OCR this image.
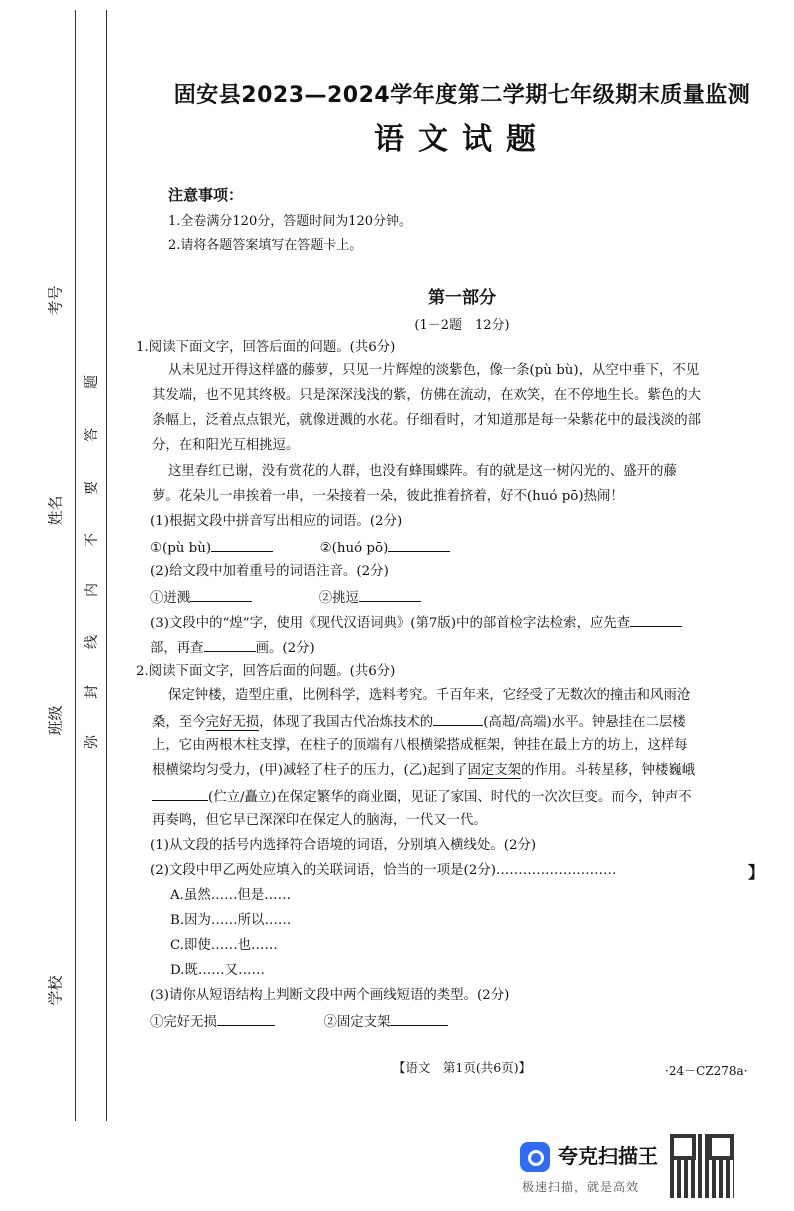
考号
姓名
班级
学校
题
答
要
不
内
线
封
弥
固安县2023—2024学年度第二学期七年级期末质量监测
语文试题
注意事项：
1.全卷满分120分，答题时间为120分钟。
2.请将各题答案填写在答题卡上。
第一部分
(1－2题　12分)
1.阅读下面文字，回答后面的问题。(共6分)
从未见过开得这样盛的藤萝，只见一片辉煌的淡紫色，像一条(pù bù)，从空中垂下，不见
其发端，也不见其终极。只是深深浅浅的紫，仿佛在流动，在欢笑，在不停地生长。紫色的大
条幅上，泛着点点银光，就像迸溅的水花。仔细看时，才知道那是每一朵紫花中的最浅淡的部
分，在和阳光互相挑逗。
这里春红已谢，没有赏花的人群，也没有蜂围蝶阵。有的就是这一树闪光的、盛开的藤
萝。花朵儿一串挨着一串，一朵接着一朵，彼此推着挤着，好不(huó pō)热闹！
(1)根据文段中拼音写出相应的词语。(2分)
①(pù bù)	②(huó pō)
(2)给文段中加着重号的词语注音。(2分)
①迸溅	②挑逗
(3)文段中的“煌”字，使用《现代汉语词典》(第7版)中的部首检字法检索，应先查
部，再查	画。(2分)
2.阅读下面文字，回答后面的问题。(共6分)
保定钟楼，造型庄重，比例科学，选料考究。千百年来，它经受了无数次的撞击和风雨沧
桑，至今完好无损，体现了我国古代冶炼技术的	(高超/高端)水平。钟悬挂在二层楼
上，它由两根木柱支撑，在柱子的顶端有八根横梁搭成框架，钟挂在最上方的坊上，这样每
根横梁均匀受力，(甲)减轻了柱子的压力，(乙)起到了固定支架的作用。斗转星移，钟楼巍峨
(伫立/矗立)在保定繁华的商业圈，见证了家国、时代的一次次巨变。而今，钟声不
再奏鸣，但它早已深深印在保定人的脑海，一代又一代。
(1)从文段的括号内选择符合语境的词语，分别填入横线处。(2分)
(2)文段中甲乙两处应填入的关联词语，恰当的一项是(2分)………………………	】
A.虽然……但是……
B.因为……所以……
C.即使……也……
D.既……又……
(3)请你从短语结构上判断文段中两个画线短语的类型。(2分)
①完好无损	②固定支架
【语文　第1页(共6页)】	·24－CZ278a·
夸克扫描王
极速扫描，就是高效
